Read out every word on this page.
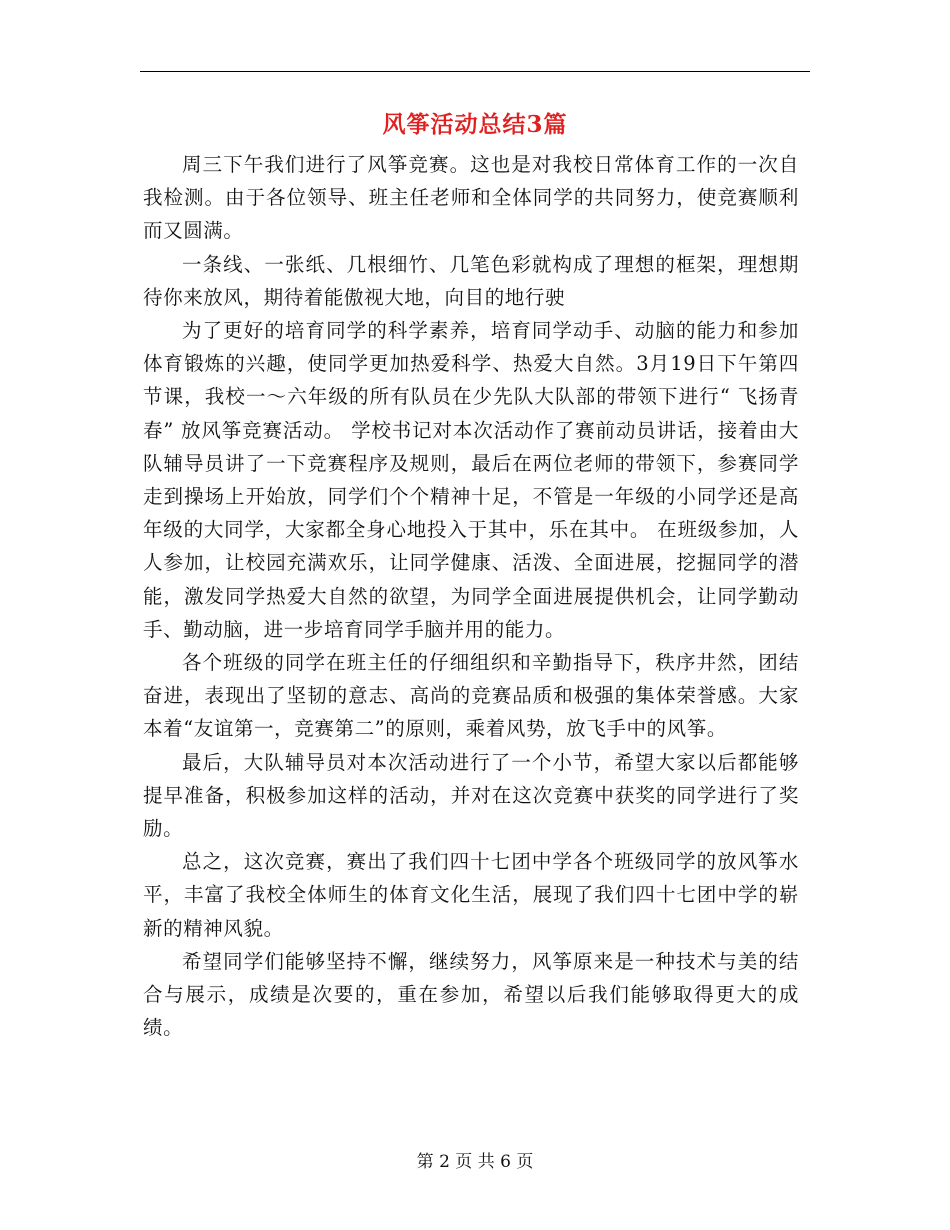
风筝活动总结3篇

周三下午我们进行了风筝竞赛。这也是对我校日常体育工作的一次自我检测。由于各位领导、班主任老师和全体同学的共同努力，使竞赛顺利而又圆满。

一条线、一张纸、几根细竹、几笔色彩就构成了理想的框架，理想期待你来放风，期待着能傲视大地，向目的地行驶

为了更好的培育同学的科学素养，培育同学动手、动脑的能力和参加体育锻炼的兴趣，使同学更加热爱科学、热爱大自然。3月19日下午第四节课，我校一～六年级的所有队员在少先队大队部的带领下进行“ 飞扬青春” 放风筝竞赛活动。 学校书记对本次活动作了赛前动员讲话，接着由大队辅导员讲了一下竞赛程序及规则，最后在两位老师的带领下，参赛同学走到操场上开始放，同学们个个精神十足，不管是一年级的小同学还是高年级的大同学，大家都全身心地投入于其中，乐在其中。 在班级参加，人人参加，让校园充满欢乐，让同学健康、活泼、全面进展，挖掘同学的潜能，激发同学热爱大自然的欲望，为同学全面进展提供机会，让同学勤动手、勤动脑，进一步培育同学手脑并用的能力。

各个班级的同学在班主任的仔细组织和辛勤指导下，秩序井然，团结奋进，表现出了坚韧的意志、高尚的竞赛品质和极强的集体荣誉感。大家本着“友谊第一，竞赛第二”的原则，乘着风势，放飞手中的风筝。

最后，大队辅导员对本次活动进行了一个小节，希望大家以后都能够提早准备，积极参加这样的活动，并对在这次竞赛中获奖的同学进行了奖励。

总之，这次竞赛，赛出了我们四十七团中学各个班级同学的放风筝水平，丰富了我校全体师生的体育文化生活，展现了我们四十七团中学的崭新的精神风貌。

希望同学们能够坚持不懈，继续努力，风筝原来是一种技术与美的结合与展示，成绩是次要的，重在参加，希望以后我们能够取得更大的成绩。

第 2 页 共 6 页
